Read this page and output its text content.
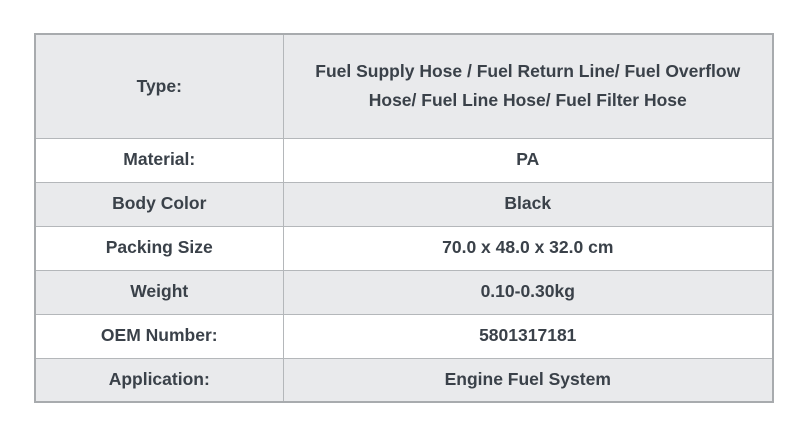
Type:	Fuel Supply Hose / Fuel Return Line/ Fuel Overflow Hose/ Fuel Line Hose/ Fuel Filter Hose
Material:	PA
Body Color	Black
Packing Size	70.0 x 48.0 x 32.0 cm
Weight	0.10-0.30kg
OEM Number:	5801317181
Application:	Engine Fuel System
